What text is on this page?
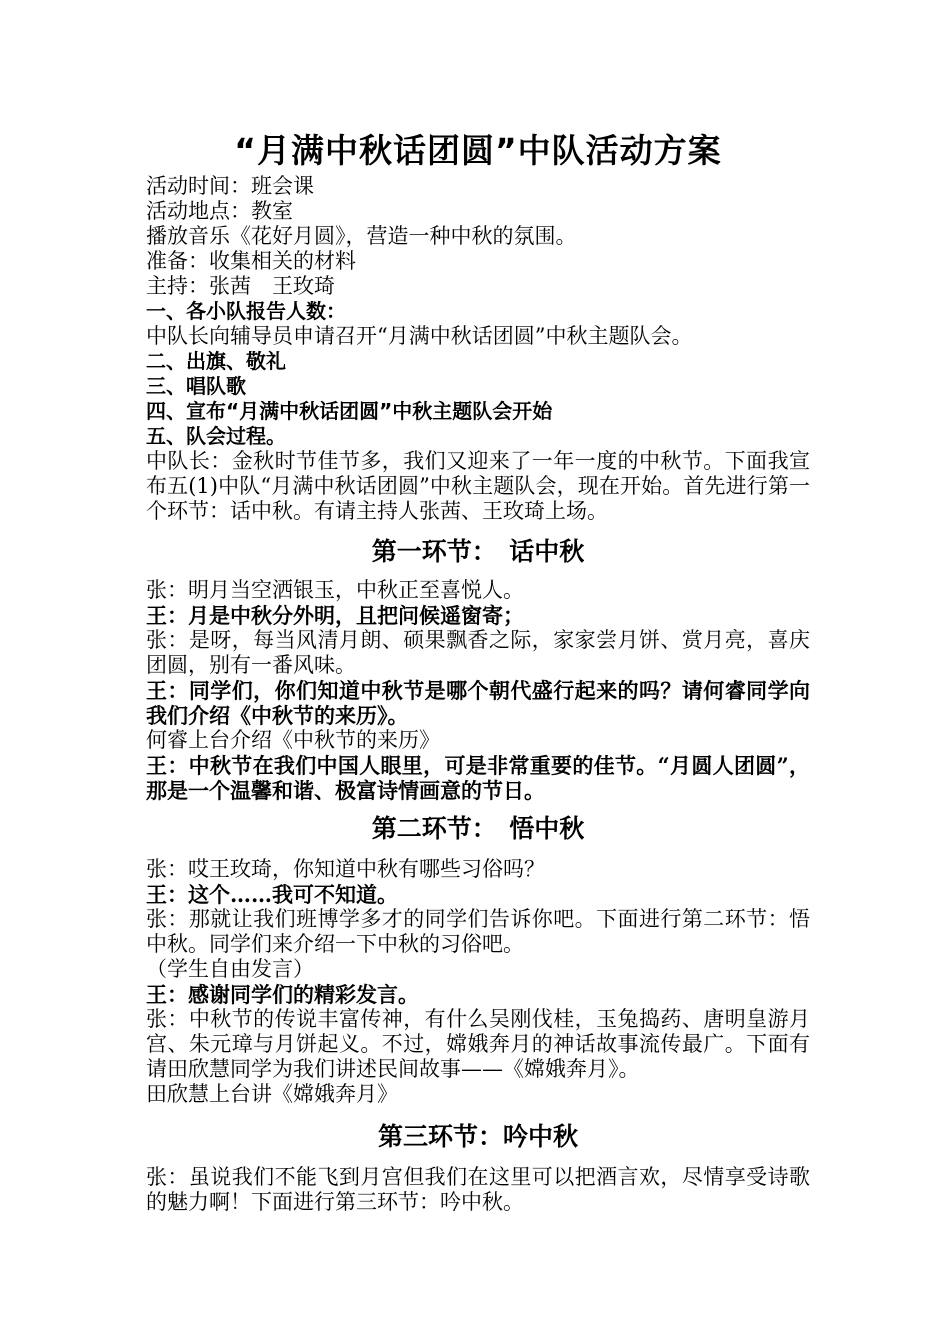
“月满中秋话团圆”中队活动方案

活动时间：班会课

活动地点：教室

播放音乐《花好月圆》，营造一种中秋的氛围。

准备：收集相关的材料

主持：张茜　王玫琦

一、各小队报告人数：

中队长向辅导员申请召开“月满中秋话团圆”中秋主题队会。

二、出旗、敬礼

三、唱队歌

四、宣布“月满中秋话团圆”中秋主题队会开始

五、队会过程。

中队长：金秋时节佳节多，我们又迎来了一年一度的中秋节。下面我宣布五(1)中队“月满中秋话团圆”中秋主题队会，现在开始。首先进行第一个环节：话中秋。有请主持人张茜、王玫琦上场。

第一环节：　话中秋

张：明月当空洒银玉，中秋正至喜悦人。

王：月是中秋分外明，且把问候遥窗寄；

张：是呀，每当风清月朗、硕果飘香之际，家家尝月饼、赏月亮，喜庆团圆，别有一番风味。

王：同学们，你们知道中秋节是哪个朝代盛行起来的吗？请何睿同学向我们介绍《中秋节的来历》。

何睿上台介绍《中秋节的来历》

王：中秋节在我们中国人眼里，可是非常重要的佳节。“月圆人团圆”，那是一个温馨和谐、极富诗情画意的节日。

第二环节：　悟中秋

张：哎王玫琦，你知道中秋有哪些习俗吗？

王：这个……我可不知道。

张：那就让我们班博学多才的同学们告诉你吧。下面进行第二环节：悟中秋。同学们来介绍一下中秋的习俗吧。

（学生自由发言）

王：感谢同学们的精彩发言。

张：中秋节的传说丰富传神，有什么吴刚伐桂，玉兔捣药、唐明皇游月宫、朱元璋与月饼起义。不过，嫦娥奔月的神话故事流传最广。下面有请田欣慧同学为我们讲述民间故事——《嫦娥奔月》。

田欣慧上台讲《嫦娥奔月》

第三环节：吟中秋

张：虽说我们不能飞到月宫但我们在这里可以把酒言欢，尽情享受诗歌的魅力啊！下面进行第三环节：吟中秋。
